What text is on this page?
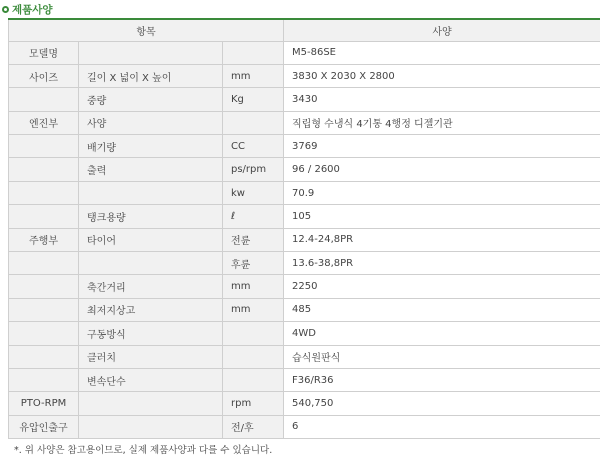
제품사양
항목			사양
모델명			M5-86SE
사이즈	길이 X 넓이 X 높이	mm	3830 X 2030 X 2800
	중량	Kg	3430
엔진부	사양		직립형 수냉식 4기통 4행정 디젤기관
	배기량	CC	3769
	출력	ps/rpm	96 / 2600
		kw	70.9
	탱크용량	ℓ	105
주행부	타이어	전륜	12.4-24,8PR
		후륜	13.6-38,8PR
	축간거리	mm	2250
	최저지상고	mm	485
	구동방식		4WD
	클러치		습식원판식
	변속단수		F36/R36
PTO-RPM		rpm	540,750
유압인출구		전/후	6
*. 위 사양은 참고용이므로, 실제 제품사양과 다를 수 있습니다.
